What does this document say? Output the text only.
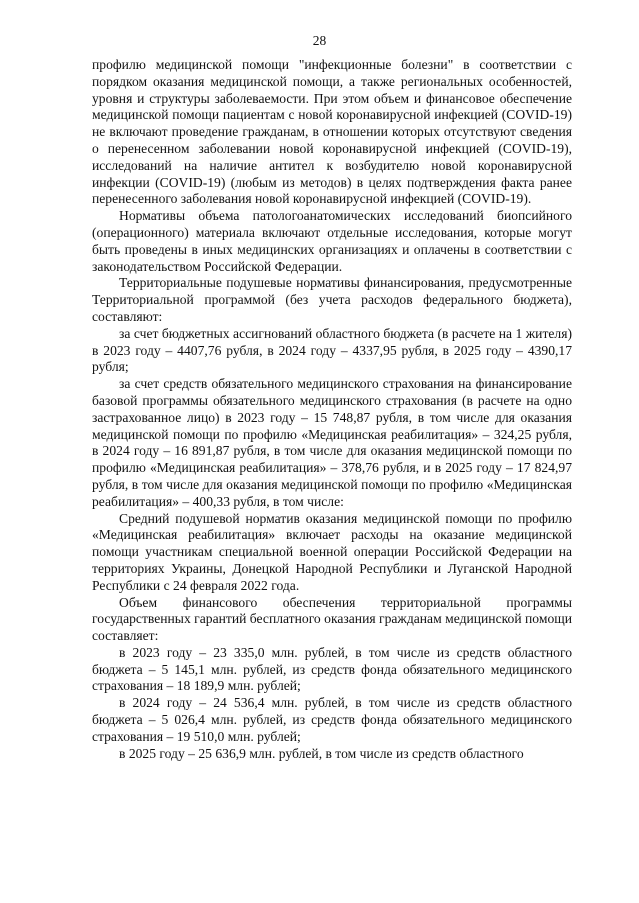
28

профилю медицинской помощи "инфекционные болезни" в соответствии с порядком оказания медицинской помощи, а также региональных особенностей, уровня и структуры заболеваемости. При этом объем и финансовое обеспечение медицинской помощи пациентам с новой коронавирусной инфекцией (COVID-19) не включают проведение гражданам, в отношении которых отсутствуют сведения о перенесенном заболевании новой коронавирусной инфекцией (COVID-19), исследований на наличие антител к возбудителю новой коронавирусной инфекции (COVID-19) (любым из методов) в целях подтверждения факта ранее перенесенного заболевания новой коронавирусной инфекцией (COVID-19).

Нормативы объема патологоанатомических исследований биопсийного (операционного) материала включают отдельные исследования, которые могут быть проведены в иных медицинских организациях и оплачены в соответствии с законодательством Российской Федерации.

Территориальные подушевые нормативы финансирования, предусмотренные Территориальной программой (без учета расходов федерального бюджета), составляют:

за счет бюджетных ассигнований областного бюджета (в расчете на 1 жителя) в 2023 году – 4407,76 рубля, в 2024 году – 4337,95 рубля, в 2025 году – 4390,17 рубля;

за счет средств обязательного медицинского страхования на финансирование базовой программы обязательного медицинского страхования (в расчете на одно застрахованное лицо) в 2023 году – 15 748,87 рубля, в том числе для оказания медицинской помощи по профилю «Медицинская реабилитация» – 324,25 рубля, в 2024 году – 16 891,87 рубля, в том числе для оказания медицинской помощи по профилю «Медицинская реабилитация» – 378,76 рубля, и в 2025 году – 17 824,97 рубля, в том числе для оказания медицинской помощи по профилю «Медицинская реабилитация» – 400,33 рубля, в том числе:

Средний подушевой норматив оказания медицинской помощи по профилю «Медицинская реабилитация» включает расходы на оказание медицинской помощи участникам специальной военной операции Российской Федерации на территориях Украины, Донецкой Народной Республики и Луганской Народной Республики с 24 февраля 2022 года.

Объем финансового обеспечения территориальной программы государственных гарантий бесплатного оказания гражданам медицинской помощи составляет:

в 2023 году – 23 335,0 млн. рублей, в том числе из средств областного бюджета – 5 145,1 млн. рублей, из средств фонда обязательного медицинского страхования – 18 189,9 млн. рублей;

в 2024 году – 24 536,4 млн. рублей, в том числе из средств областного бюджета – 5 026,4 млн. рублей, из средств фонда обязательного медицинского страхования – 19 510,0 млн. рублей;

в 2025 году – 25 636,9 млн. рублей, в том числе из средств областного
